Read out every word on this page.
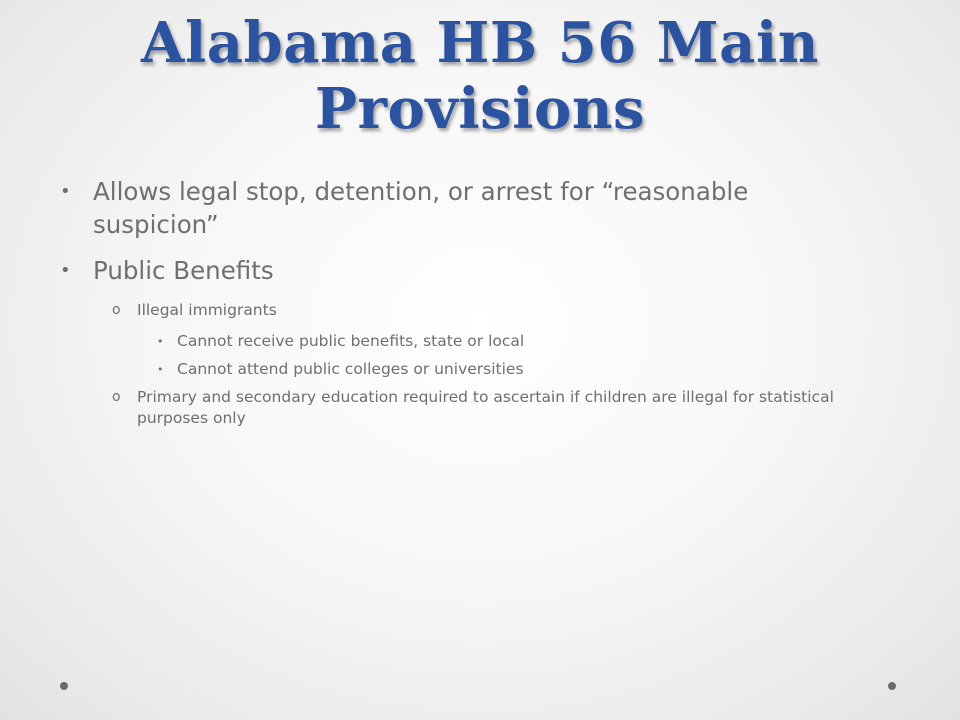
Alabama HB 56 Main Provisions
• Allows legal stop, detention, or arrest for “reasonable suspicion”
• Public Benefits
o Illegal immigrants
• Cannot receive public benefits, state or local
• Cannot attend public colleges or universities
o Primary and secondary education required to ascertain if children are illegal for statistical purposes only
